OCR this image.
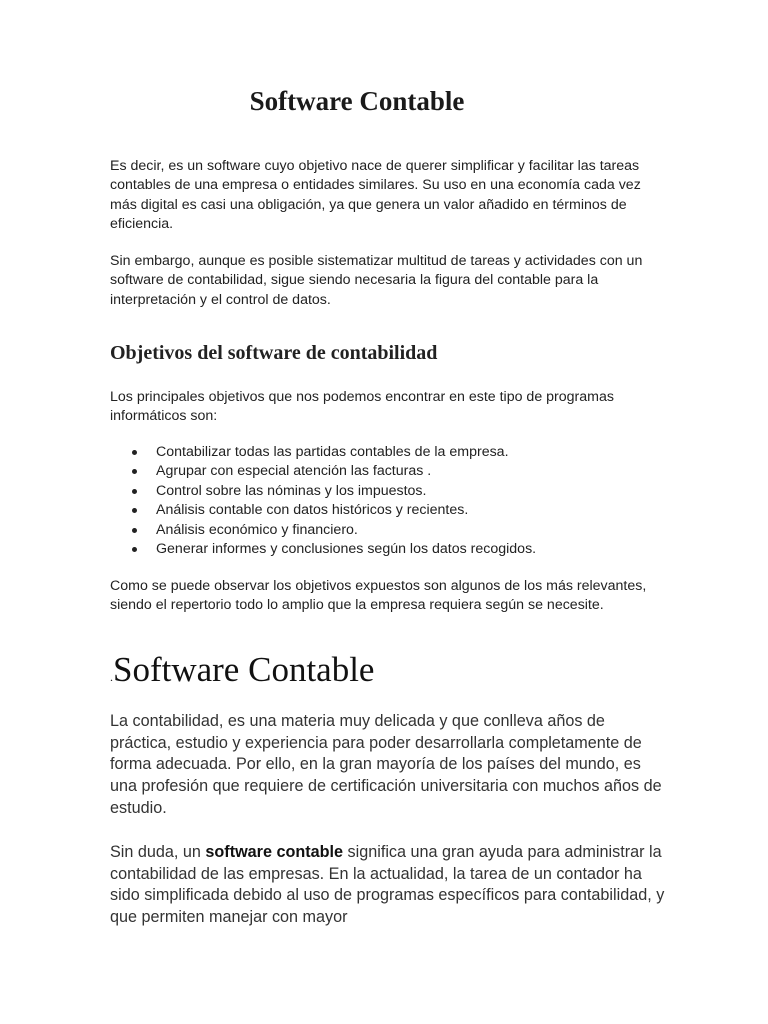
Software Contable

Es decir, es un software cuyo objetivo nace de querer simplificar y facilitar las tareas contables de una empresa o entidades similares. Su uso en una economía cada vez más digital es casi una obligación, ya que genera un valor añadido en términos de eficiencia.

Sin embargo, aunque es posible sistematizar multitud de tareas y actividades con un software de contabilidad, sigue siendo necesaria la figura del contable para la interpretación y el control de datos.

Objetivos del software de contabilidad

Los principales objetivos que nos podemos encontrar en este tipo de programas informáticos son:

Contabilizar todas las partidas contables de la empresa.
Agrupar con especial atención las facturas .
Control sobre las nóminas y los impuestos.
Análisis contable con datos históricos y recientes.
Análisis económico y financiero.
Generar informes y conclusiones según los datos recogidos.

Como se puede observar los objetivos expuestos son algunos de los más relevantes, siendo el repertorio todo lo amplio que la empresa requiera según se necesite.

.Software Contable

La contabilidad, es una materia muy delicada y que conlleva años de práctica, estudio y experiencia para poder desarrollarla completamente de forma adecuada. Por ello, en la gran mayoría de los países del mundo, es una profesión que requiere de certificación universitaria con muchos años de estudio.

Sin duda, un software contable significa una gran ayuda para administrar la contabilidad de las empresas. En la actualidad, la tarea de un contador ha sido simplificada debido al uso de programas específicos para contabilidad, y que permiten manejar con mayor
